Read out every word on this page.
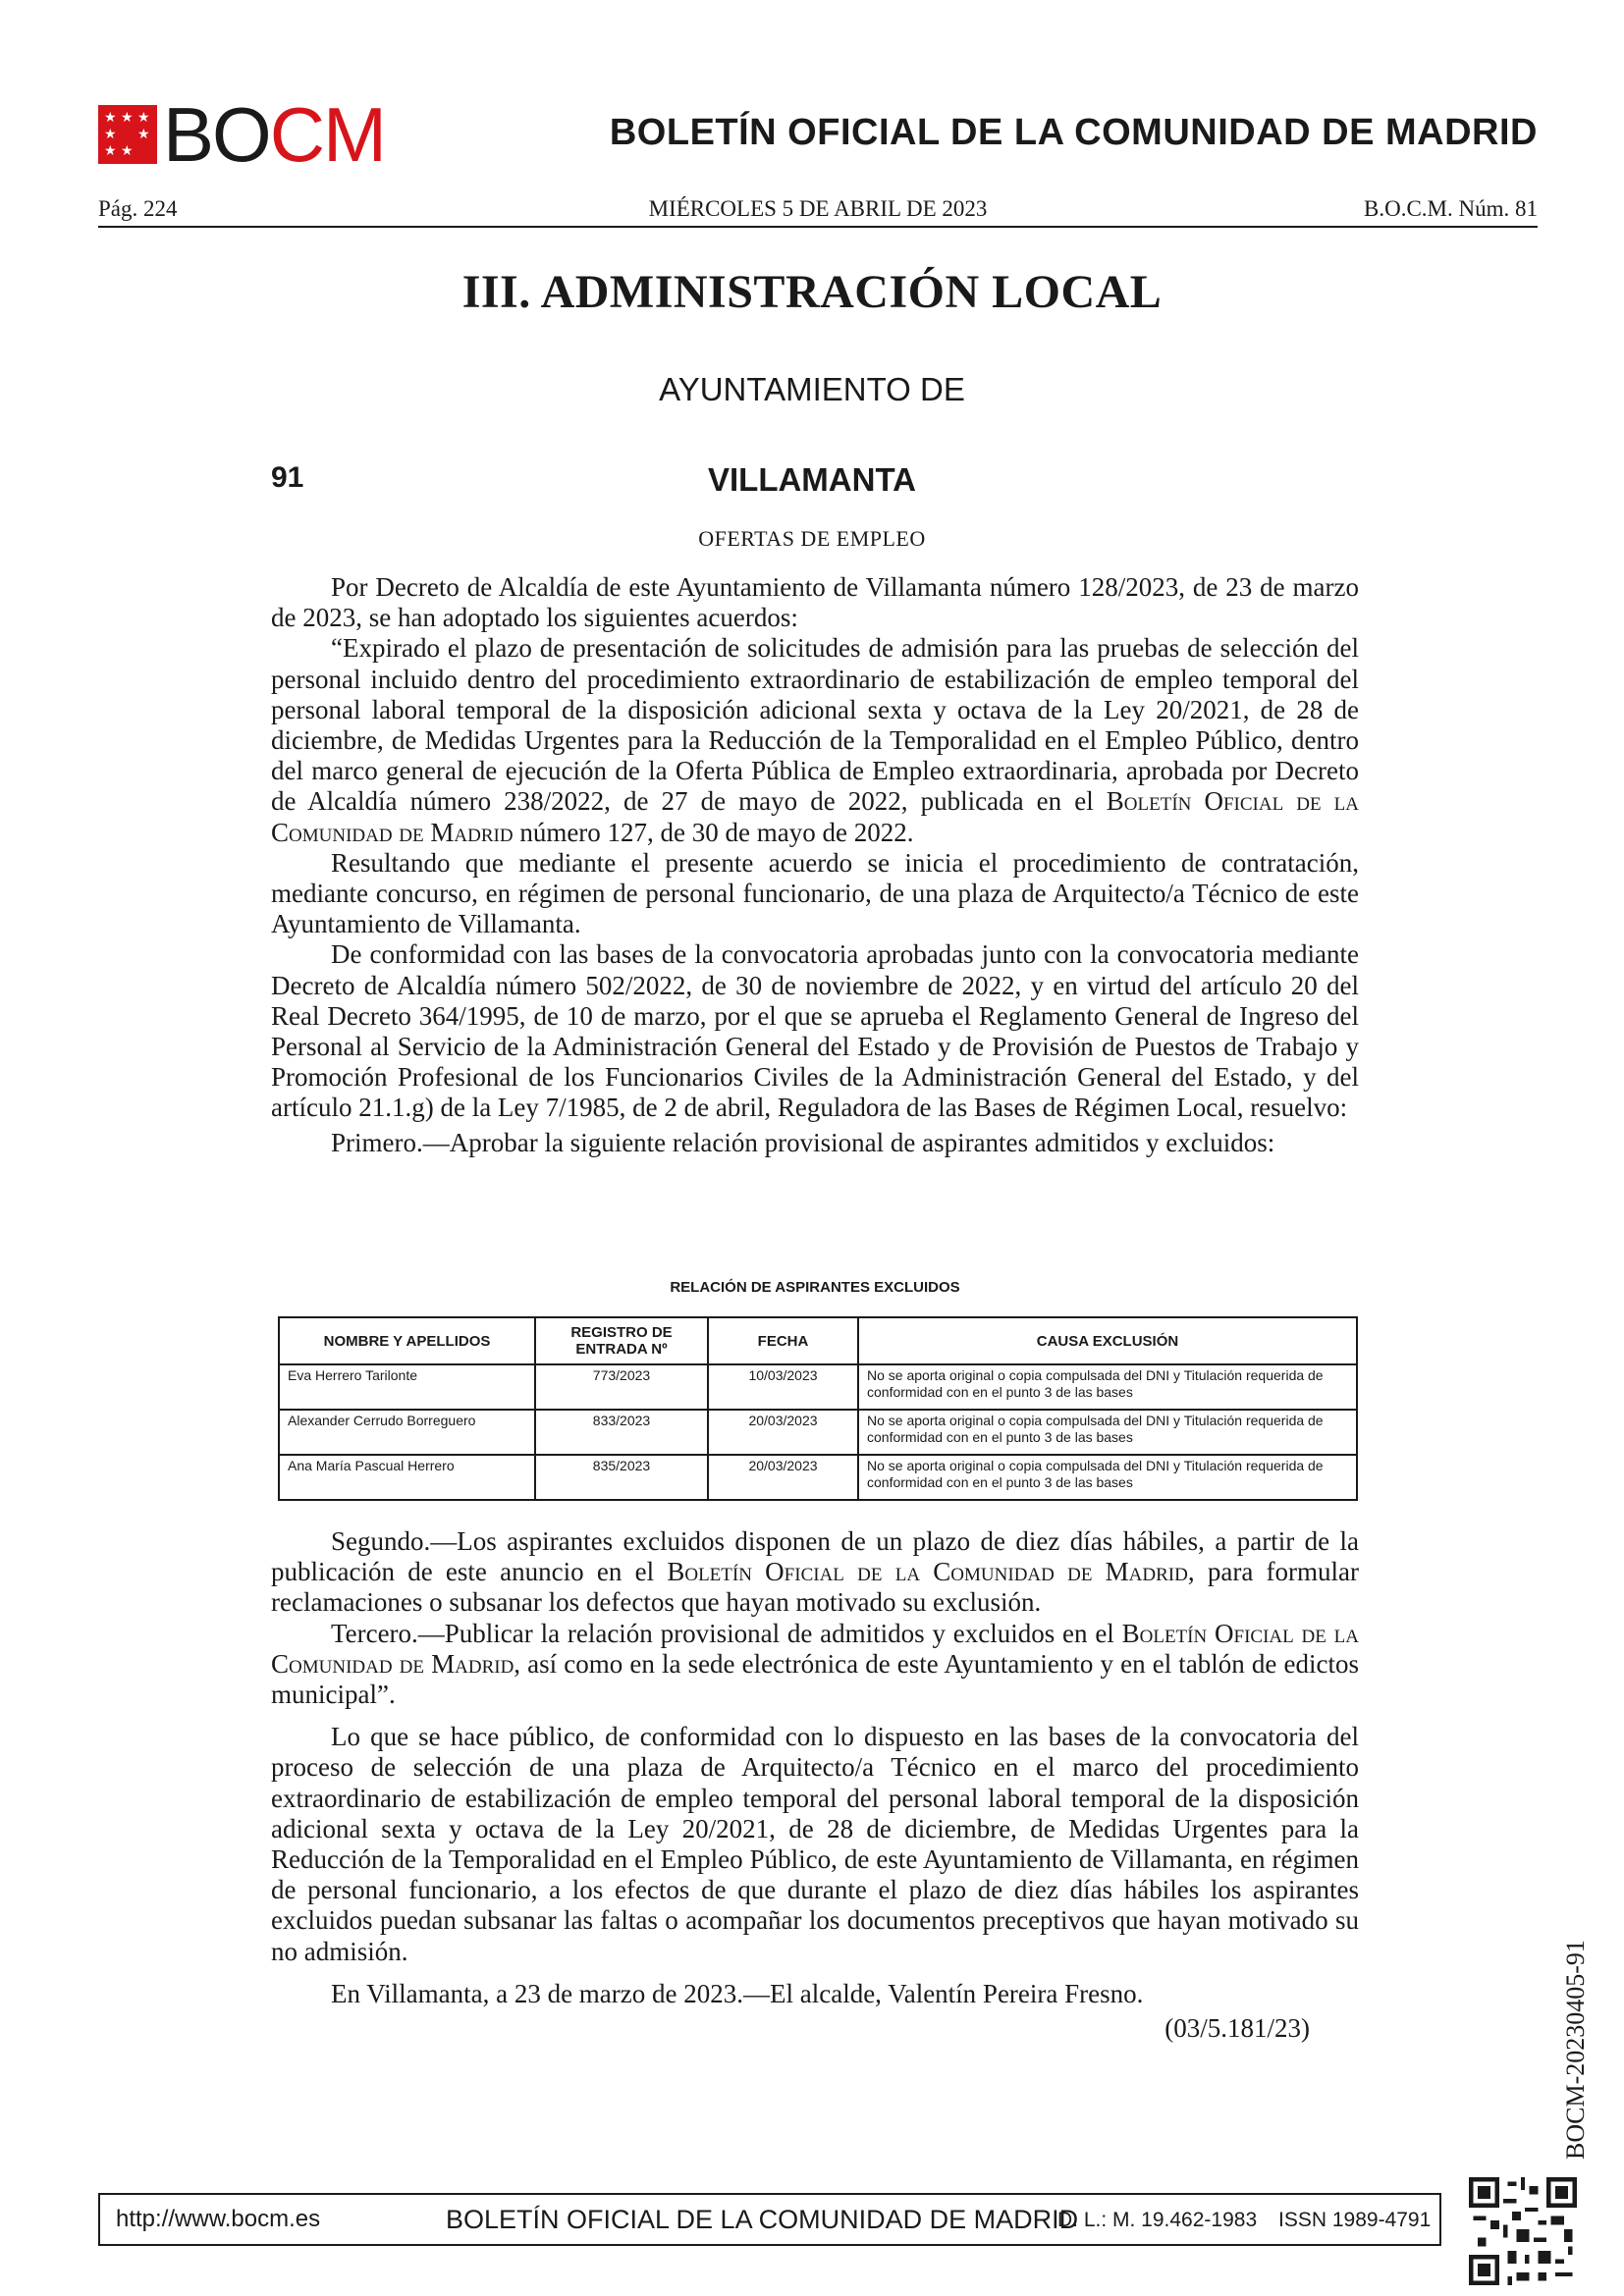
★ ★ ★
★ ★
★ ★ BOCM	BOLETÍN OFICIAL DE LA COMUNIDAD DE MADRID
Pág. 224	MIÉRCOLES 5 DE ABRIL DE 2023	B.O.C.M. Núm. 81
III. ADMINISTRACIÓN LOCAL
AYUNTAMIENTO DE
91	VILLAMANTA
OFERTAS DE EMPLEO

Por Decreto de Alcaldía de este Ayuntamiento de Villamanta número 128/2023, de 23 de marzo de 2023, se han adoptado los siguientes acuerdos:

“Expirado el plazo de presentación de solicitudes de admisión para las pruebas de selección del personal incluido dentro del procedimiento extraordinario de estabilización de empleo temporal del personal laboral temporal de la disposición adicional sexta y octava de la Ley 20/2021, de 28 de diciembre, de Medidas Urgentes para la Reducción de la Temporalidad en el Empleo Público, dentro del marco general de ejecución de la Oferta Pública de Empleo extraordinaria, aprobada por Decreto de Alcaldía número 238/2022, de 27 de mayo de 2022, publicada en el Boletín Oficial de la Comunidad de Madrid número 127, de 30 de mayo de 2022.

Resultando que mediante el presente acuerdo se inicia el procedimiento de contratación, mediante concurso, en régimen de personal funcionario, de una plaza de Arquitecto/a Técnico de este Ayuntamiento de Villamanta.

De conformidad con las bases de la convocatoria aprobadas junto con la convocatoria mediante Decreto de Alcaldía número 502/2022, de 30 de noviembre de 2022, y en virtud del artículo 20 del Real Decreto 364/1995, de 10 de marzo, por el que se aprueba el Reglamento General de Ingreso del Personal al Servicio de la Administración General del Estado y de Provisión de Puestos de Trabajo y Promoción Profesional de los Funcionarios Civiles de la Administración General del Estado, y del artículo 21.1.g) de la Ley 7/1985, de 2 de abril, Reguladora de las Bases de Régimen Local, resuelvo:

Primero.—Aprobar la siguiente relación provisional de aspirantes admitidos y excluidos:

RELACIÓN DE ASPIRANTES EXCLUIDOS
NOMBRE Y APELLIDOS	REGISTRO DE ENTRADA Nº	FECHA	CAUSA EXCLUSIÓN
Eva Herrero Tarilonte	773/2023	10/03/2023	No se aporta original o copia compulsada del DNI y Titulación requerida de conformidad con en el punto 3 de las bases
Alexander Cerrudo Borreguero	833/2023	20/03/2023	No se aporta original o copia compulsada del DNI y Titulación requerida de conformidad con en el punto 3 de las bases
Ana María Pascual Herrero	835/2023	20/03/2023	No se aporta original o copia compulsada del DNI y Titulación requerida de conformidad con en el punto 3 de las bases

Segundo.—Los aspirantes excluidos disponen de un plazo de diez días hábiles, a partir de la publicación de este anuncio en el Boletín Oficial de la Comunidad de Madrid, para formular reclamaciones o subsanar los defectos que hayan motivado su exclusión.

Tercero.—Publicar la relación provisional de admitidos y excluidos en el Boletín Oficial de la Comunidad de Madrid, así como en la sede electrónica de este Ayuntamiento y en el tablón de edictos municipal”.

Lo que se hace público, de conformidad con lo dispuesto en las bases de la convocatoria del proceso de selección de una plaza de Arquitecto/a Técnico en el marco del procedimiento extraordinario de estabilización de empleo temporal del personal laboral temporal de la disposición adicional sexta y octava de la Ley 20/2021, de 28 de diciembre, de Medidas Urgentes para la Reducción de la Temporalidad en el Empleo Público, de este Ayuntamiento de Villamanta, en régimen de personal funcionario, a los efectos de que durante el plazo de diez días hábiles los aspirantes excluidos puedan subsanar las faltas o acompañar los documentos preceptivos que hayan motivado su no admisión.

En Villamanta, a 23 de marzo de 2023.—El alcalde, Valentín Pereira Fresno.

(03/5.181/23)	BOCM-20230405-91
http://www.bocm.es	BOLETÍN OFICIAL DE LA COMUNIDAD DE MADRID
D. L.: M. 19.462-1983 ISSN 1989-4791
